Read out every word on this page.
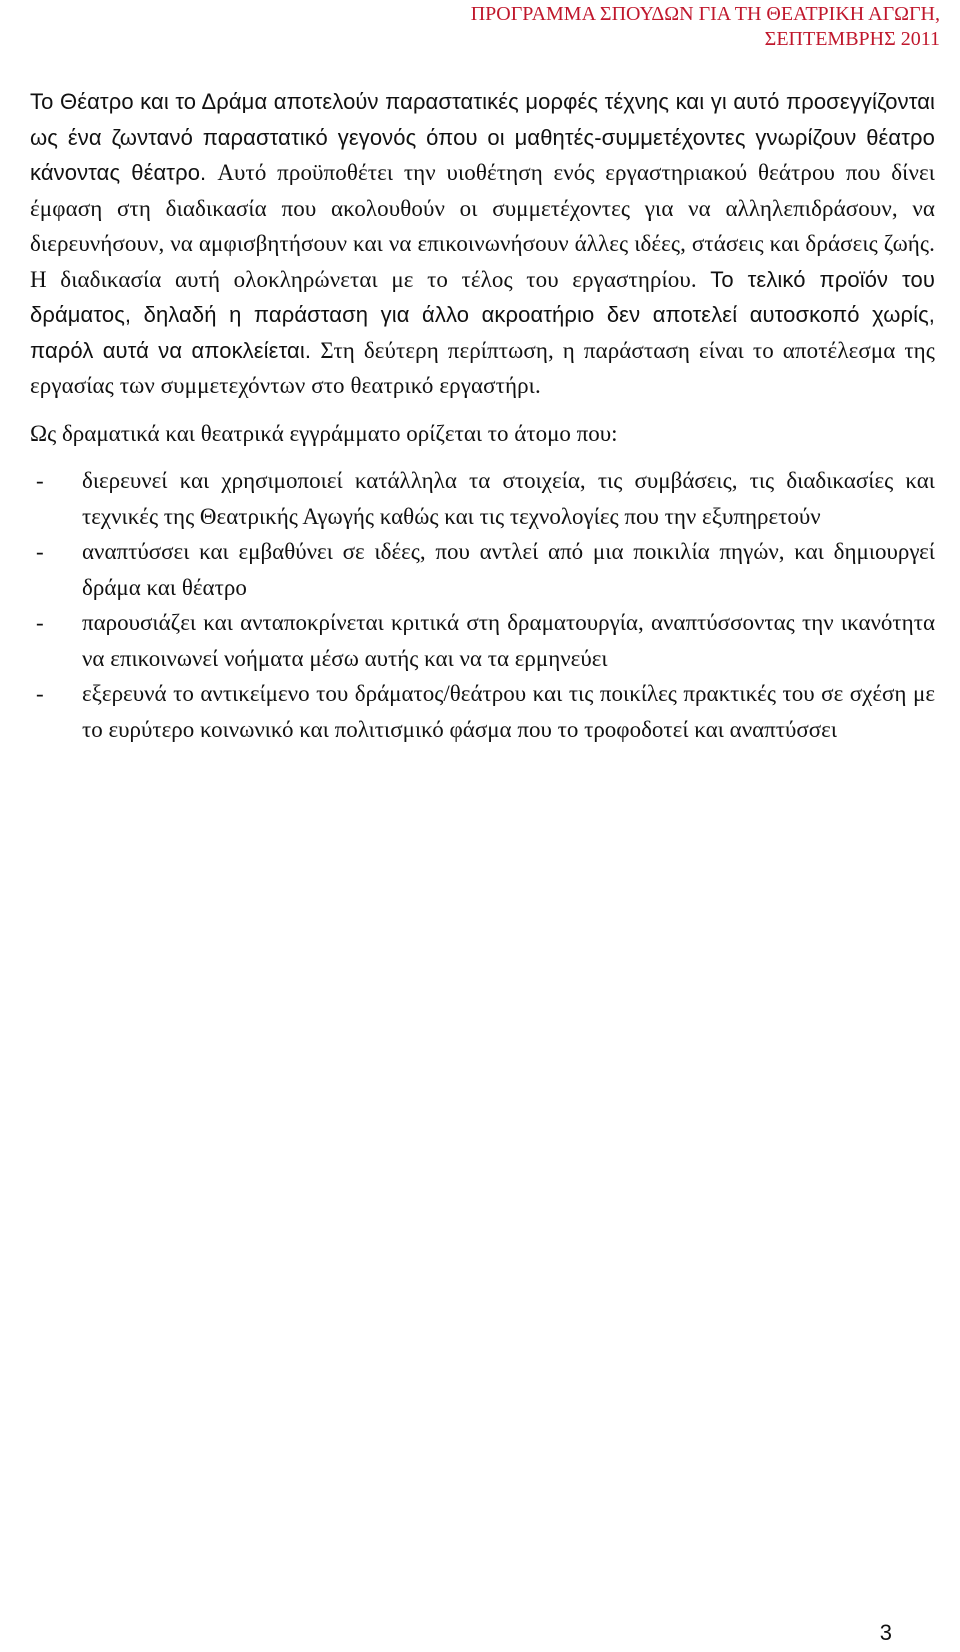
ΠΡΟΓΡΑΜΜΑ ΣΠΟΥΔΩΝ ΓΙΑ ΤΗ ΘΕΑΤΡΙΚΗ ΑΓΩΓΗ,
ΣΕΠΤΕΜΒΡΗΣ 2011

Το Θέατρο και το Δράμα αποτελούν παραστατικές μορφές τέχνης και γι αυτό προσεγγίζονται ως ένα ζωντανό παραστατικό γεγονός όπου οι μαθητές-συμμετέχοντες γνωρίζουν θέατρο κάνοντας θέατρο. Αυτό προϋποθέτει την υιοθέτηση ενός εργαστηριακού θεάτρου που δίνει έμφαση στη διαδικασία που ακολουθούν οι συμμετέχοντες για να αλληλεπιδράσουν, να διερευνήσουν, να αμφισβητήσουν και να επικοινωνήσουν άλλες ιδέες, στάσεις και δράσεις ζωής. Η διαδικασία αυτή ολοκληρώνεται με το τέλος του εργαστηρίου. Το τελικό προϊόν του δράματος, δηλαδή η παράσταση για άλλο ακροατήριο δεν αποτελεί αυτοσκοπό χωρίς, παρόλ αυτά να αποκλείεται. Στη δεύτερη περίπτωση, η παράσταση είναι το αποτέλεσμα της εργασίας των συμμετεχόντων στο θεατρικό εργαστήρι.

Ως δραματικά και θεατρικά εγγράμματο ορίζεται το άτομο που:

- διερευνεί και χρησιμοποιεί κατάλληλα τα στοιχεία, τις συμβάσεις, τις διαδικασίες και τεχνικές της Θεατρικής Αγωγής καθώς και τις τεχνολογίες που την εξυπηρετούν
- αναπτύσσει και εμβαθύνει σε ιδέες, που αντλεί από μια ποικιλία πηγών, και δημιουργεί δράμα και θέατρο
- παρουσιάζει και ανταποκρίνεται κριτικά στη δραματουργία, αναπτύσσοντας την ικανότητα να επικοινωνεί νοήματα μέσω αυτής και να τα ερμηνεύει
- εξερευνά το αντικείμενο του δράματος/θεάτρου και τις ποικίλες πρακτικές του σε σχέση με το ευρύτερο κοινωνικό και πολιτισμικό φάσμα που το τροφοδοτεί και αναπτύσσει
3
